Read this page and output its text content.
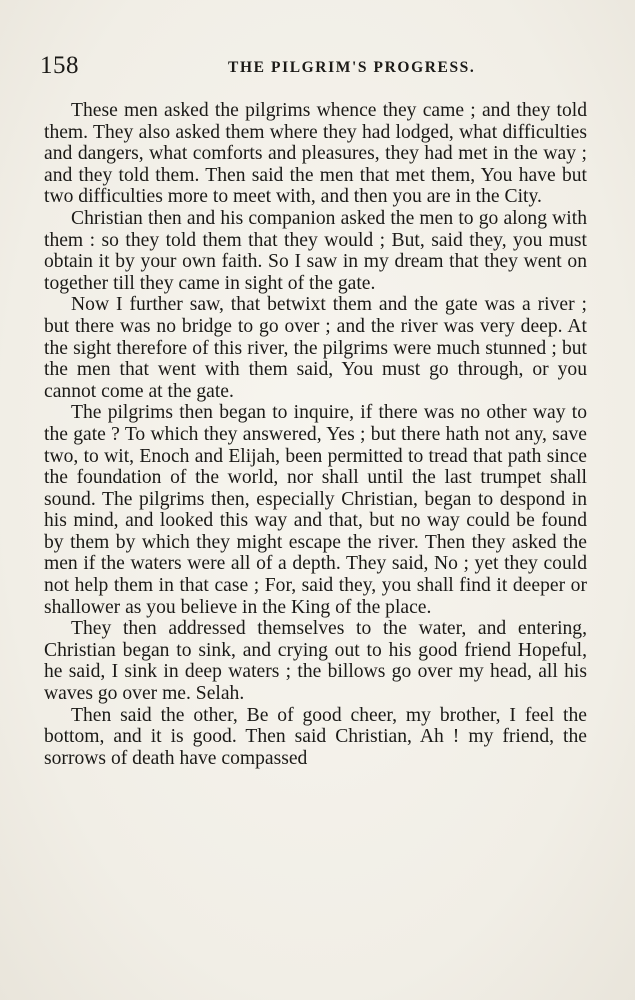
158	THE PILGRIM'S PROGRESS.

These men asked the pilgrims whence they came ; and they told them. They also asked them where they had lodged, what difficulties and dangers, what comforts and pleasures, they had met in the way ; and they told them. Then said the men that met them, You have but two difficulties more to meet with, and then you are in the City.

Christian then and his companion asked the men to go along with them : so they told them that they would ; But, said they, you must obtain it by your own faith. So I saw in my dream that they went on together till they came in sight of the gate.

Now I further saw, that betwixt them and the gate was a river ; but there was no bridge to go over ; and the river was very deep. At the sight therefore of this river, the pilgrims were much stunned ; but the men that went with them said, You must go through, or you cannot come at the gate.

The pilgrims then began to inquire, if there was no other way to the gate ? To which they answered, Yes ; but there hath not any, save two, to wit, Enoch and Elijah, been permitted to tread that path since the foundation of the world, nor shall until the last trumpet shall sound. The pilgrims then, especially Christian, began to despond in his mind, and looked this way and that, but no way could be found by them by which they might escape the river. Then they asked the men if the waters were all of a depth. They said, No ; yet they could not help them in that case ; For, said they, you shall find it deeper or shallower as you believe in the King of the place.

They then addressed themselves to the water, and entering, Christian began to sink, and crying out to his good friend Hopeful, he said, I sink in deep waters ; the billows go over my head, all his waves go over me. Selah.

Then said the other, Be of good cheer, my brother, I feel the bottom, and it is good. Then said Christian, Ah ! my friend, the sorrows of death have compassed
